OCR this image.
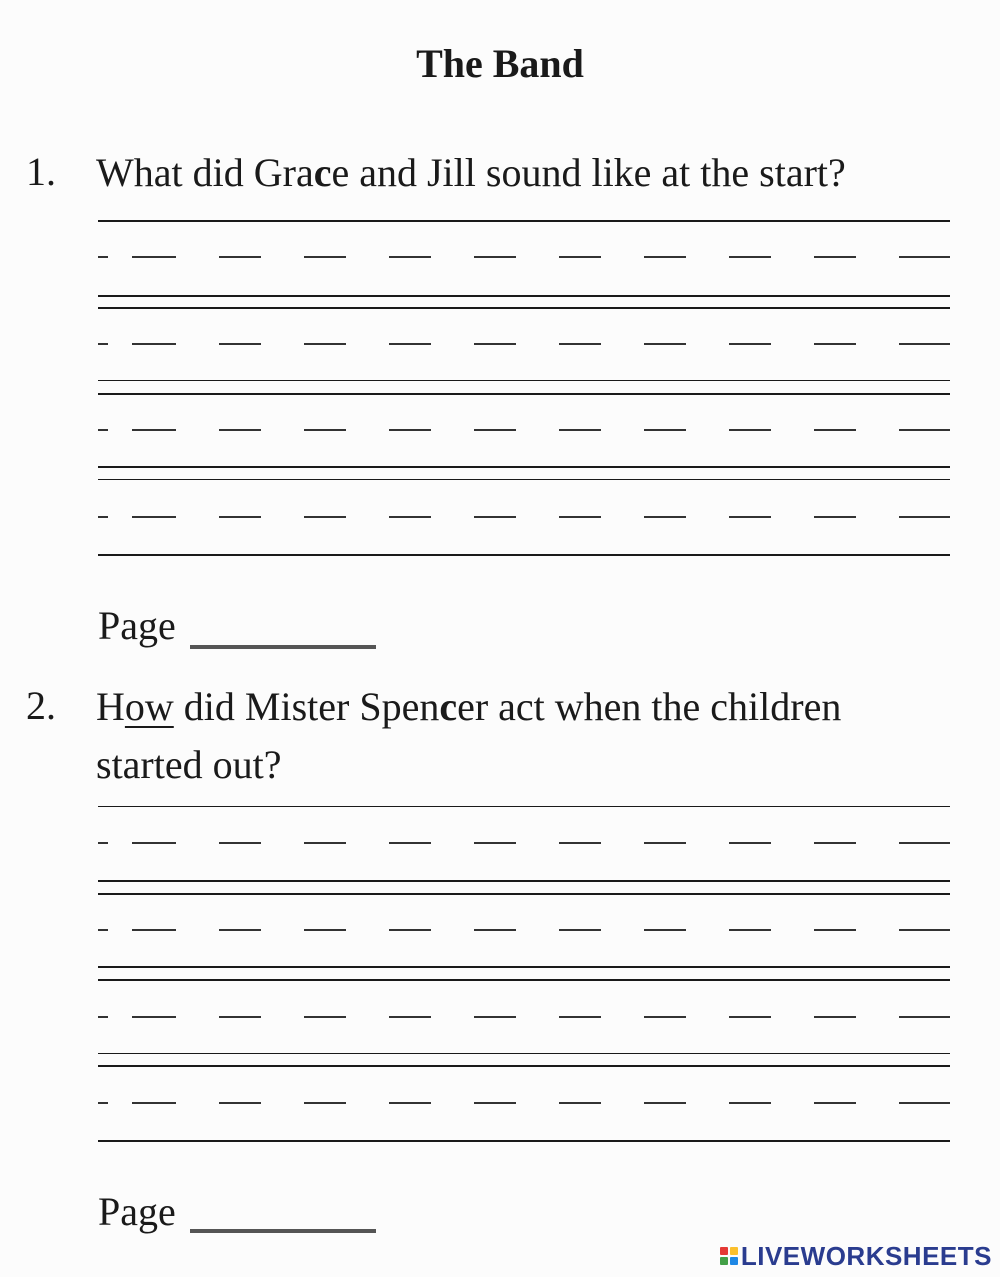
The Band
1. What did Grace and Jill sound like at the start?
Page
2. How did Mister Spencer act when the children started out?
Page
LIVEWORKSHEETS
